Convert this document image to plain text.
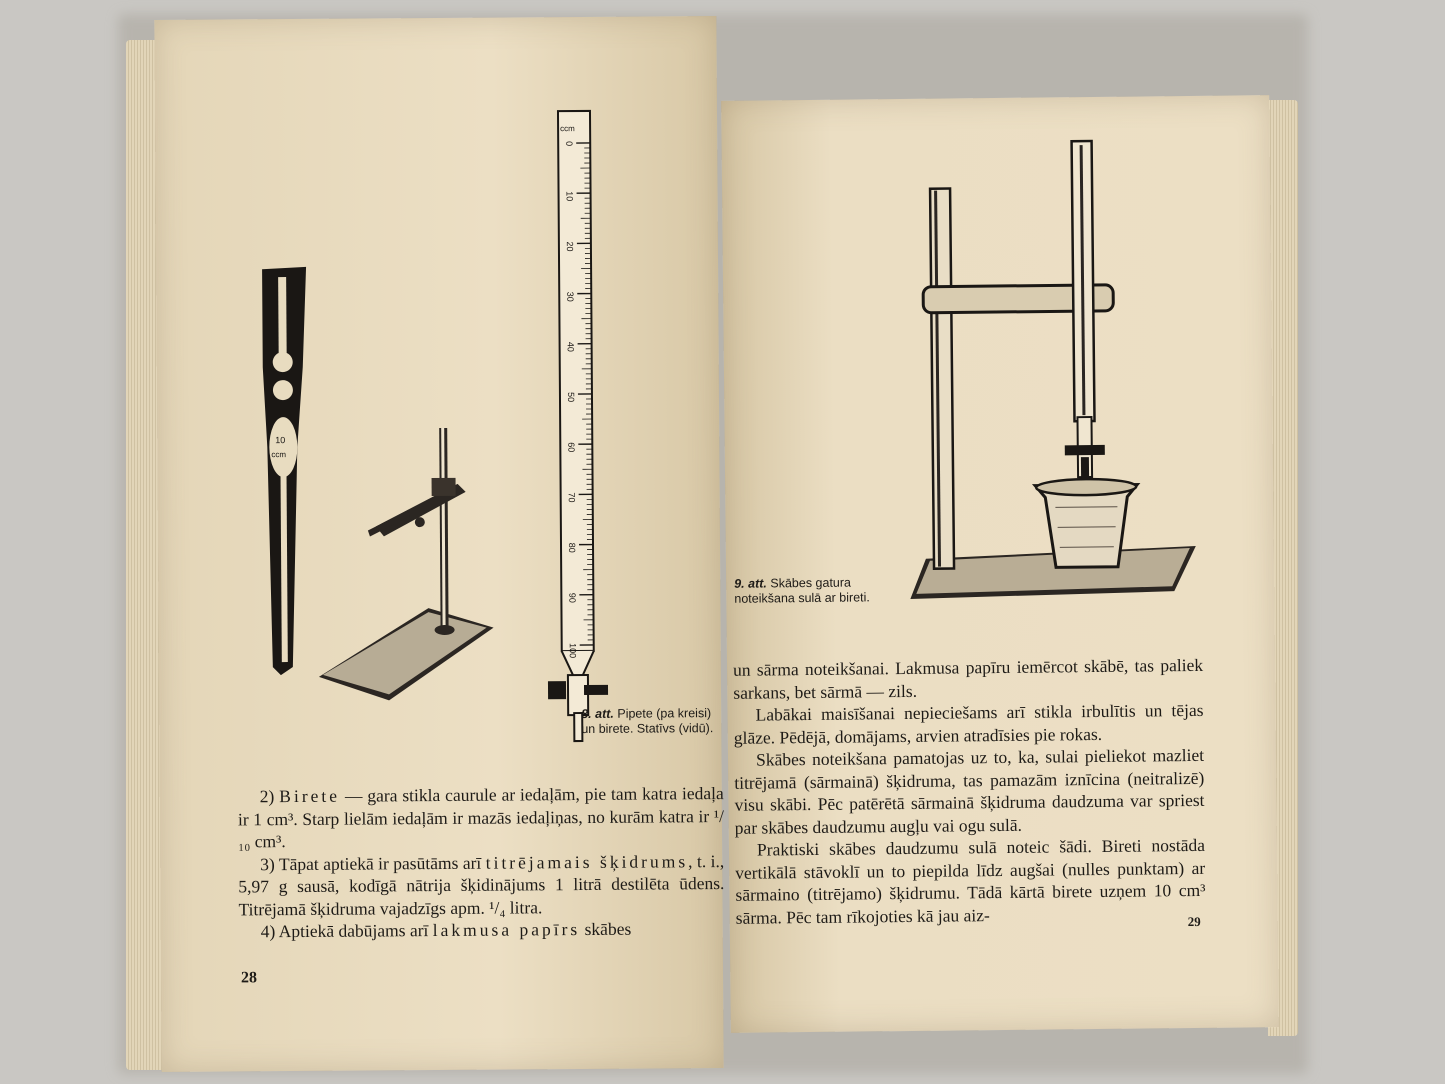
10
ccm
ccm
0
10
20
30
40
50
60
70
80
90
100
8. att. Pipete (pa kreisi) un birete. Statīvs (vidū).

2) Birete — gara stikla caurule ar iedaļām, pie tam katra iedaļa ir 1 cm³. Starp lielām iedaļām ir mazās iedaļiņas, no kurām katra ir ¹/₁₀ cm³.

3) Tāpat aptiekā ir pasūtāms arī titrējamais šķidrums, t. i., 5,97 g sausā, kodīgā nātrija šķidinājums 1 litrā destilēta ūdens. Titrējamā šķidruma vajadzīgs apm. ¹/₄ litra.

4) Aptiekā dabūjams arī lakmusa papīrs skābes

28
9. att. Skābes gatura noteikšana sulā ar bireti.

un sārma noteikšanai. Lakmusa papīru iemērcot skābē, tas paliek sarkans, bet sārmā — zils.

Labākai maisīšanai nepieciešams arī stikla irbulītis un tējas glāze. Pēdējā, domājams, arvien atradīsies pie rokas.

Skābes noteikšana pamatojas uz to, ka, sulai pieliekot mazliet titrējamā (sārmainā) šķidruma, tas pamazām iznīcina (neitralizē) visu skābi. Pēc patērētā sārmainā šķidruma daudzuma var spriest par skābes daudzumu augļu vai ogu sulā.

Praktiski skābes daudzumu sulā noteic šādi. Bireti nostāda vertikālā stāvoklī un to piepilda līdz augšai (nulles punktam) ar sārmaino (titrējamo) šķidrumu. Tādā kārtā birete uzņem 10 cm³ sārma. Pēc tam rīkojoties kā jau aiz-	29
